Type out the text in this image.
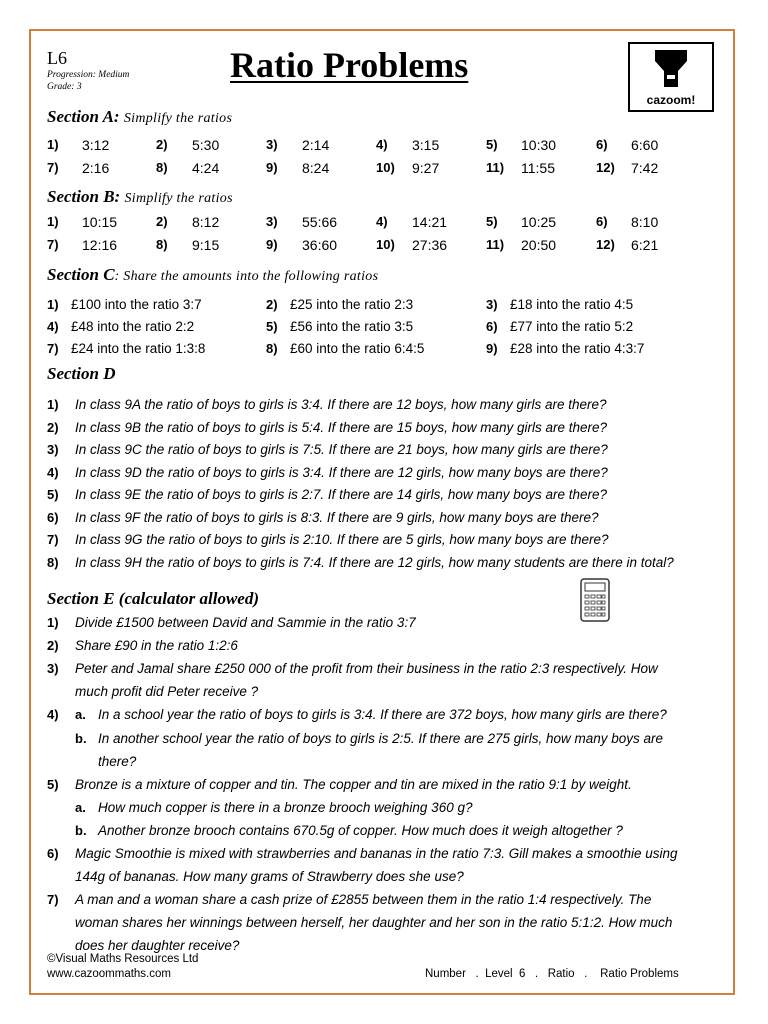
L6
Progression: Medium
Grade: 3
Ratio Problems
cazoom!
Section A: Simplify the ratios
1) 3:12	2) 5:30	3) 2:14	4) 3:15	5) 10:30	6) 6:60
7) 2:16	8) 4:24	9) 8:24	10) 9:27	11) 11:55	12) 7:42
Section B: Simplify the ratios
1) 10:15	2) 8:12	3) 55:66	4) 14:21	5) 10:25	6) 8:10
7) 12:16	8) 9:15	9) 36:60	10) 27:36	11) 20:50	12) 6:21
Section C: Share the amounts into the following ratios
1) £100 into the ratio 3:7	2) £25 into the ratio 2:3	3) £18 into the ratio 4:5
4) £48 into the ratio 2:2	5) £56 into the ratio 3:5	6) £77 into the ratio 5:2
7) £24 into the ratio 1:3:8	8) £60 into the ratio 6:4:5	9) £28 into the ratio 4:3:7
Section D
1) In class 9A the ratio of boys to girls is 3:4. If there are 12 boys, how many girls are there?
2) In class 9B the ratio of boys to girls is 5:4. If there are 15 boys, how many girls are there?
3) In class 9C the ratio of boys to girls is 7:5. If there are 21 boys, how many girls are there?
4) In class 9D the ratio of boys to girls is 3:4. If there are 12 girls, how many boys are there?
5) In class 9E the ratio of boys to girls is 2:7. If there are 14 girls, how many boys are there?
6) In class 9F the ratio of boys to girls is 8:3. If there are 9 girls, how many boys are there?
7) In class 9G the ratio of boys to girls is 2:10. If there are 5 girls, how many boys are there?
8) In class 9H the ratio of boys to girls is 7:4. If there are 12 girls, how many students are there in total?
Section E (calculator allowed)
1) Divide £1500 between David and Sammie in the ratio 3:7
2) Share £90 in the ratio 1:2:6
3) Peter and Jamal share £250 000 of the profit from their business in the ratio 2:3 respectively. How
much profit did Peter receive ?
4) a. In a school year the ratio of boys to girls is 3:4. If there are 372 boys, how many girls are there?
b. In another school year the ratio of boys to girls is 2:5. If there are 275 girls, how many boys are
there?
5) Bronze is a mixture of copper and tin. The copper and tin are mixed in the ratio 9:1 by weight.
a. How much copper is there in a bronze brooch weighing 360 g?
b. Another bronze brooch contains 670.5g of copper. How much does it weigh altogether ?
6) Magic Smoothie is mixed with strawberries and bananas in the ratio 7:3. Gill makes a smoothie using
144g of bananas. How many grams of Strawberry does she use?
7) A man and a woman share a cash prize of £2855 between them in the ratio 1:4 respectively. The
woman shares her winnings between herself, her daughter and her son in the ratio 5:1:2. How much
does her daughter receive?
©Visual Maths Resources Ltd
www.cazoommaths.com	Number   .  Level  6   .   Ratio   .    Ratio Problems
